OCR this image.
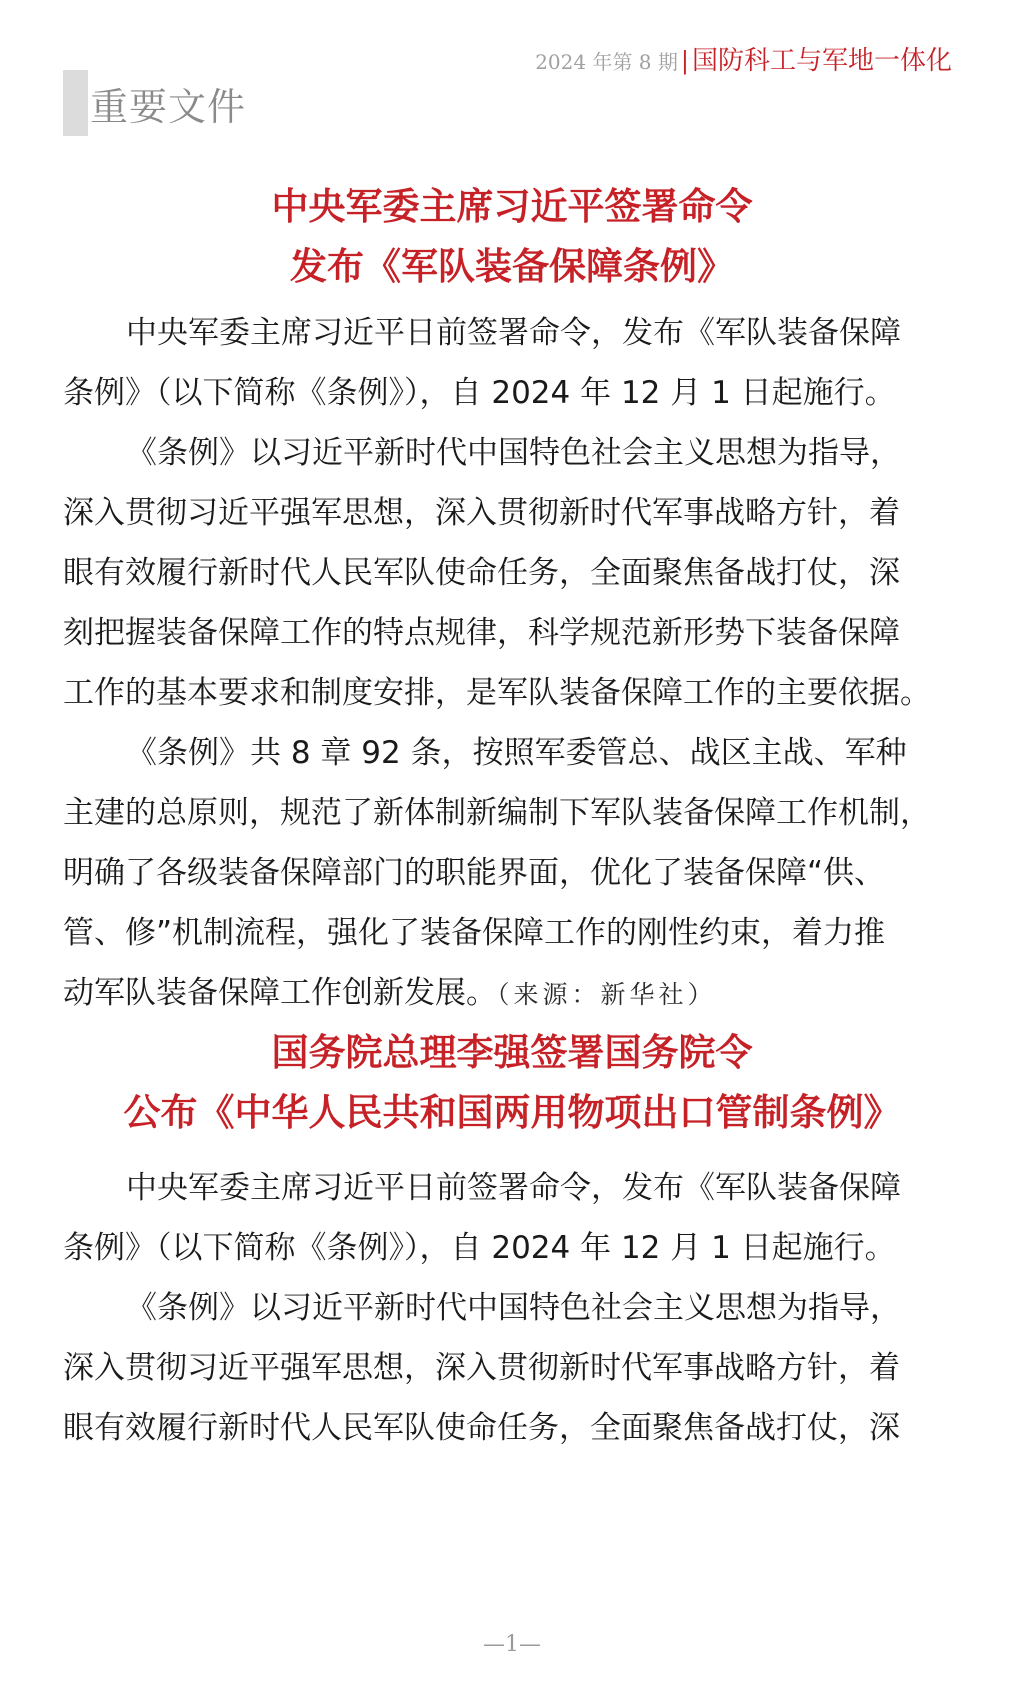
2024 年第 8 期 | 国防科工与军地一体化
重要文件
中央军委主席习近平签署命令
发布《军队装备保障条例》

中央军委主席习近平日前签署命令，发布《军队装备保障
条例》（以下简称《条例》），自 2024 年 12 月 1 日起施行。

《条例》以习近平新时代中国特色社会主义思想为指导，
深入贯彻习近平强军思想，深入贯彻新时代军事战略方针，着
眼有效履行新时代人民军队使命任务，全面聚焦备战打仗，深
刻把握装备保障工作的特点规律，科学规范新形势下装备保障
工作的基本要求和制度安排，是军队装备保障工作的主要依据。

《条例》共 8 章 92 条，按照军委管总、战区主战、军种
主建的总原则，规范了新体制新编制下军队装备保障工作机制，
明确了各级装备保障部门的职能界面，优化了装备保障“供、
管、修”机制流程，强化了装备保障工作的刚性约束，着力推
动军队装备保障工作创新发展。（来源：新华社）

国务院总理李强签署国务院令
公布《中华人民共和国两用物项出口管制条例》

中央军委主席习近平日前签署命令，发布《军队装备保障
条例》（以下简称《条例》），自 2024 年 12 月 1 日起施行。

《条例》以习近平新时代中国特色社会主义思想为指导，
深入贯彻习近平强军思想，深入贯彻新时代军事战略方针，着
眼有效履行新时代人民军队使命任务，全面聚焦备战打仗，深

—1—
